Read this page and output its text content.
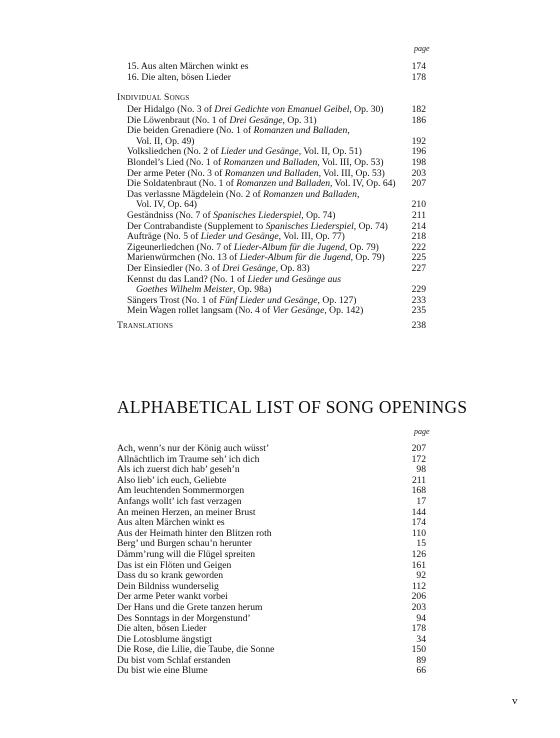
page
15. Aus alten Märchen winkt es	174
16. Die alten, bösen Lieder	178
Individual Songs
Der Hidalgo (No. 3 of Drei Gedichte von Emanuel Geibel, Op. 30)	182
Die Löwenbraut (No. 1 of Drei Gesänge, Op. 31)	186
Die beiden Grenadiere (No. 1 of Romanzen und Balladen,
Vol. II, Op. 49)	192
Volksliedchen (No. 2 of Lieder und Gesänge, Vol. II, Op. 51)	196
Blondel’s Lied (No. 1 of Romanzen und Balladen, Vol. III, Op. 53)	198
Der arme Peter (No. 3 of Romanzen und Balladen, Vol. III, Op. 53)	203
Die Soldatenbraut (No. 1 of Romanzen und Balladen, Vol. IV, Op. 64) 207
Das verlassne Mägdelein (No. 2 of Romanzen und Balladen,
Vol. IV, Op. 64)	210
Geständniss (No. 7 of Spanisches Liederspiel, Op. 74)	211
Der Contrabandiste (Supplement to Spanisches Liederspiel, Op. 74) 214
Aufträge (No. 5 of Lieder und Gesänge, Vol. III, Op. 77)	218
Zigeunerliedchen (No. 7 of Lieder-Album für die Jugend, Op. 79)	222
Marienwürmchen (No. 13 of Lieder-Album für die Jugend, Op. 79)	225
Der Einsiedler (No. 3 of Drei Gesänge, Op. 83)	227
Kennst du das Land? (No. 1 of Lieder und Gesänge aus
Goethes Wilhelm Meister, Op. 98a)	229
Sängers Trost (No. 1 of Fünf Lieder und Gesänge, Op. 127)	233
Mein Wagen rollet langsam (No. 4 of Vier Gesänge, Op. 142)	235
Translations	238
ALPHABETICAL LIST OF SONG OPENINGS
page
Ach, wenn’s nur der König auch wüsst’	207
Allnächtlich im Traume seh’ ich dich	172
Als ich zuerst dich hab’ geseh’n	98
Also lieb’ ich euch, Geliebte	211
Am leuchtenden Sommermorgen	168
Anfangs wollt’ ich fast verzagen	17
An meinen Herzen, an meiner Brust	144
Aus alten Märchen winkt es	174
Aus der Heimath hinter den Blitzen roth	110
Berg’ und Burgen schau’n herunter	15
Dämm’rung will die Flügel spreiten	126
Das ist ein Flöten und Geigen	161
Dass du so krank geworden	92
Dein Bildniss wunderselig	112
Der arme Peter wankt vorbei	206
Der Hans und die Grete tanzen herum	203
Des Sonntags in der Morgenstund’	94
Die alten, bösen Lieder	178
Die Lotosblume ängstigt	34
Die Rose, die Lilie, die Taube, die Sonne	150
Du bist vom Schlaf erstanden	89
Du bist wie eine Blume	66
v
